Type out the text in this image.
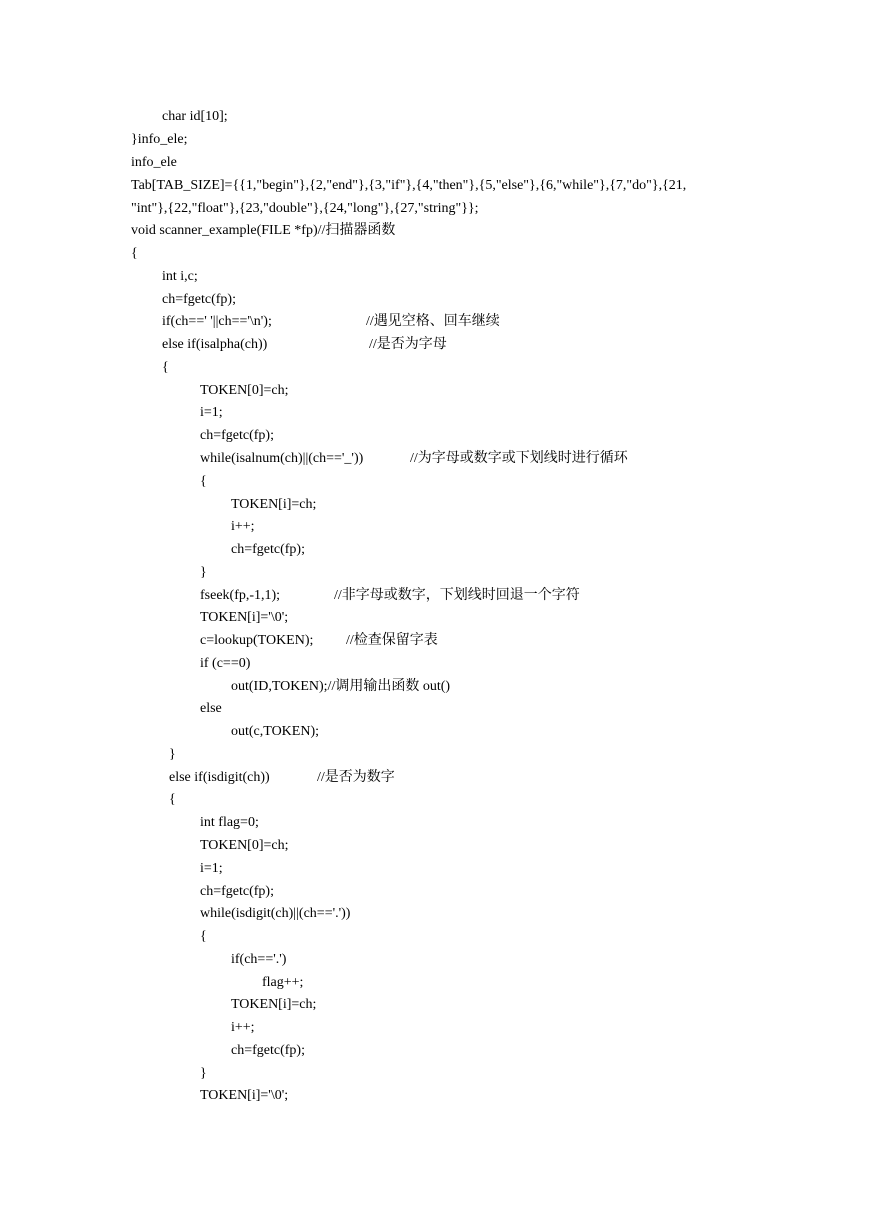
char id[10];
}info_ele;
info_ele
Tab[TAB_SIZE]={{1,"begin"},{2,"end"},{3,"if"},{4,"then"},{5,"else"},{6,"while"},{7,"do"},{21,
"int"},{22,"float"},{23,"double"},{24,"long"},{27,"string"}};
void scanner_example(FILE *fp)//扫描器函数
{
int i,c;
ch=fgetc(fp);
if(ch==' '||ch=='\n');	//遇见空格、回车继续
else if(isalpha(ch))	//是否为字母
{
TOKEN[0]=ch;
i=1;
ch=fgetc(fp);
while(isalnum(ch)||(ch=='_'))	//为字母或数字或下划线时进行循环
{
TOKEN[i]=ch;
i++;
ch=fgetc(fp);
}
fseek(fp,-1,1);	//非字母或数字，下划线时回退一个字符
TOKEN[i]='\0';
c=lookup(TOKEN); //检查保留字表
if (c==0)
out(ID,TOKEN);//调用输出函数 out()
else
out(c,TOKEN);
}
else if(isdigit(ch))	//是否为数字
{
int flag=0;
TOKEN[0]=ch;
i=1;
ch=fgetc(fp);
while(isdigit(ch)||(ch=='.'))
{
if(ch=='.')
flag++;
TOKEN[i]=ch;
i++;
ch=fgetc(fp);
}
TOKEN[i]='\0';
